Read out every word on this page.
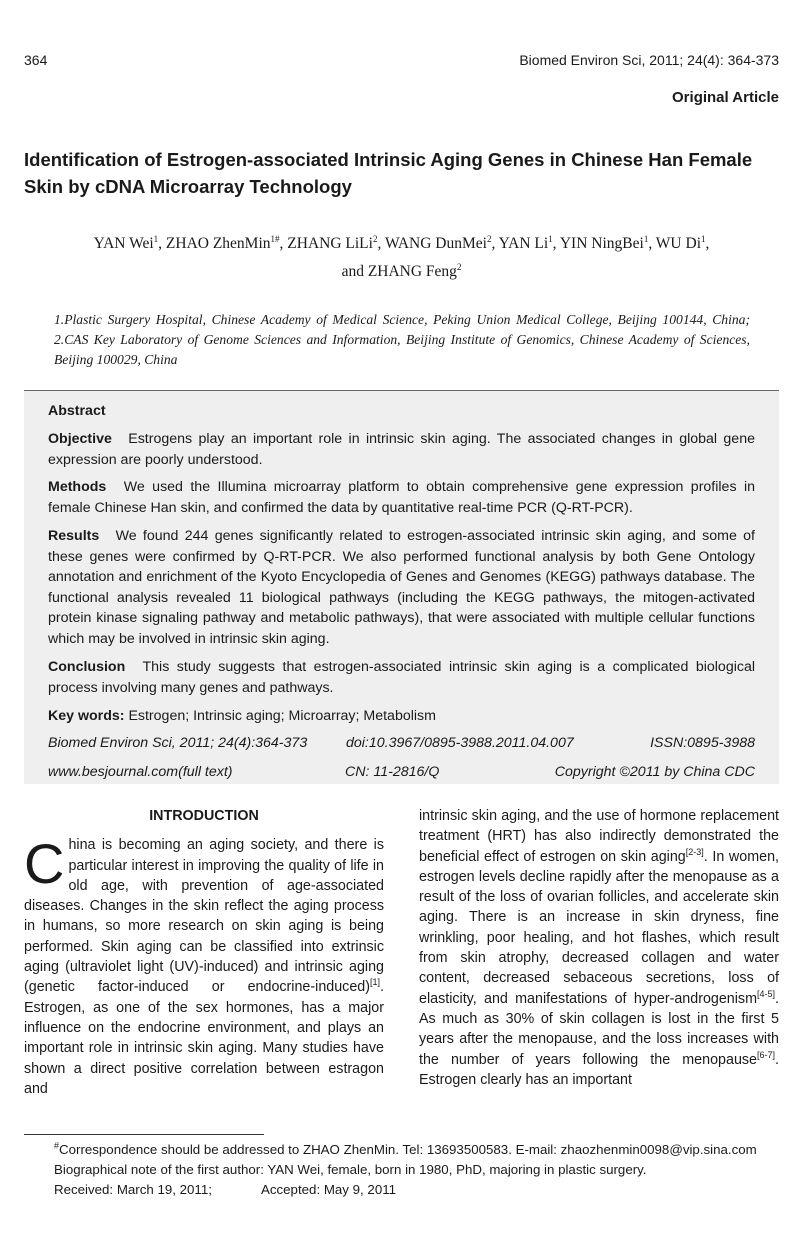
364	Biomed Environ Sci, 2011; 24(4): 364-373
Original Article
Identification of Estrogen-associated Intrinsic Aging Genes in Chinese Han Female Skin by cDNA Microarray Technology
YAN Wei$^1$, ZHAO ZhenMin$^{1\#}$, ZHANG LiLi$^2$, WANG DunMei$^2$, YAN Li$^1$, YIN NingBei$^1$, WU Di$^1$,
and ZHANG Feng$^2$
1.Plastic Surgery Hospital, Chinese Academy of Medical Science, Peking Union Medical College, Beijing 100144, China; 2.CAS Key Laboratory of Genome Sciences and Information, Beijing Institute of Genomics, Chinese Academy of Sciences, Beijing 100029, China
Abstract
Objective Estrogens play an important role in intrinsic skin aging. The associated changes in global gene expression are poorly understood.
Methods We used the Illumina microarray platform to obtain comprehensive gene expression profiles in female Chinese Han skin, and confirmed the data by quantitative real-time PCR (Q-RT-PCR).
Results We found 244 genes significantly related to estrogen-associated intrinsic skin aging, and some of these genes were confirmed by Q-RT-PCR. We also performed functional analysis by both Gene Ontology annotation and enrichment of the Kyoto Encyclopedia of Genes and Genomes (KEGG) pathways database. The functional analysis revealed 11 biological pathways (including the KEGG pathways, the mitogen-activated protein kinase signaling pathway and metabolic pathways), that were associated with multiple cellular functions which may be involved in intrinsic skin aging.
Conclusion This study suggests that estrogen-associated intrinsic skin aging is a complicated biological process involving many genes and pathways.
Key words: Estrogen; Intrinsic aging; Microarray; Metabolism
Biomed Environ Sci, 2011; 24(4):364-373	doi:10.3967/0895-3988.2011.04.007	ISSN:0895-3988
www.besjournal.com(full text)	CN: 11-2816/Q	Copyright ©2011 by China CDC
INTRODUCTION

China is becoming an aging society, and there is particular interest in improving the quality of life in old age, with prevention of age-associated diseases. Changes in the skin reflect the aging process in humans, so more research on skin aging is being performed. Skin aging can be classified into extrinsic aging (ultraviolet light (UV)-induced) and intrinsic aging (genetic factor-induced or endocrine-induced)[1]. Estrogen, as one of the sex hormones, has a major influence on the endocrine environment, and plays an important role in intrinsic skin aging. Many studies have shown a direct positive correlation between estragon and

intrinsic skin aging, and the use of hormone replacement treatment (HRT) has also indirectly demonstrated the beneficial effect of estrogen on skin aging[2-3]. In women, estrogen levels decline rapidly after the menopause as a result of the loss of ovarian follicles, and accelerate skin aging. There is an increase in skin dryness, fine wrinkling, poor healing, and hot flashes, which result from skin atrophy, decreased collagen and water content, decreased sebaceous secretions, loss of elasticity, and manifestations of hyper-androgenism[4-5]. As much as 30% of skin collagen is lost in the first 5 years after the menopause, and the loss increases with the number of years following the menopause[6-7]. Estrogen clearly has an important

#Correspondence should be addressed to ZHAO ZhenMin. Tel: 13693500583. E-mail: zhaozhenmin0098@vip.sina.com
Biographical note of the first author: YAN Wei, female, born in 1980, PhD, majoring in plastic surgery.
Received: March 19, 2011;	Accepted: May 9, 2011
